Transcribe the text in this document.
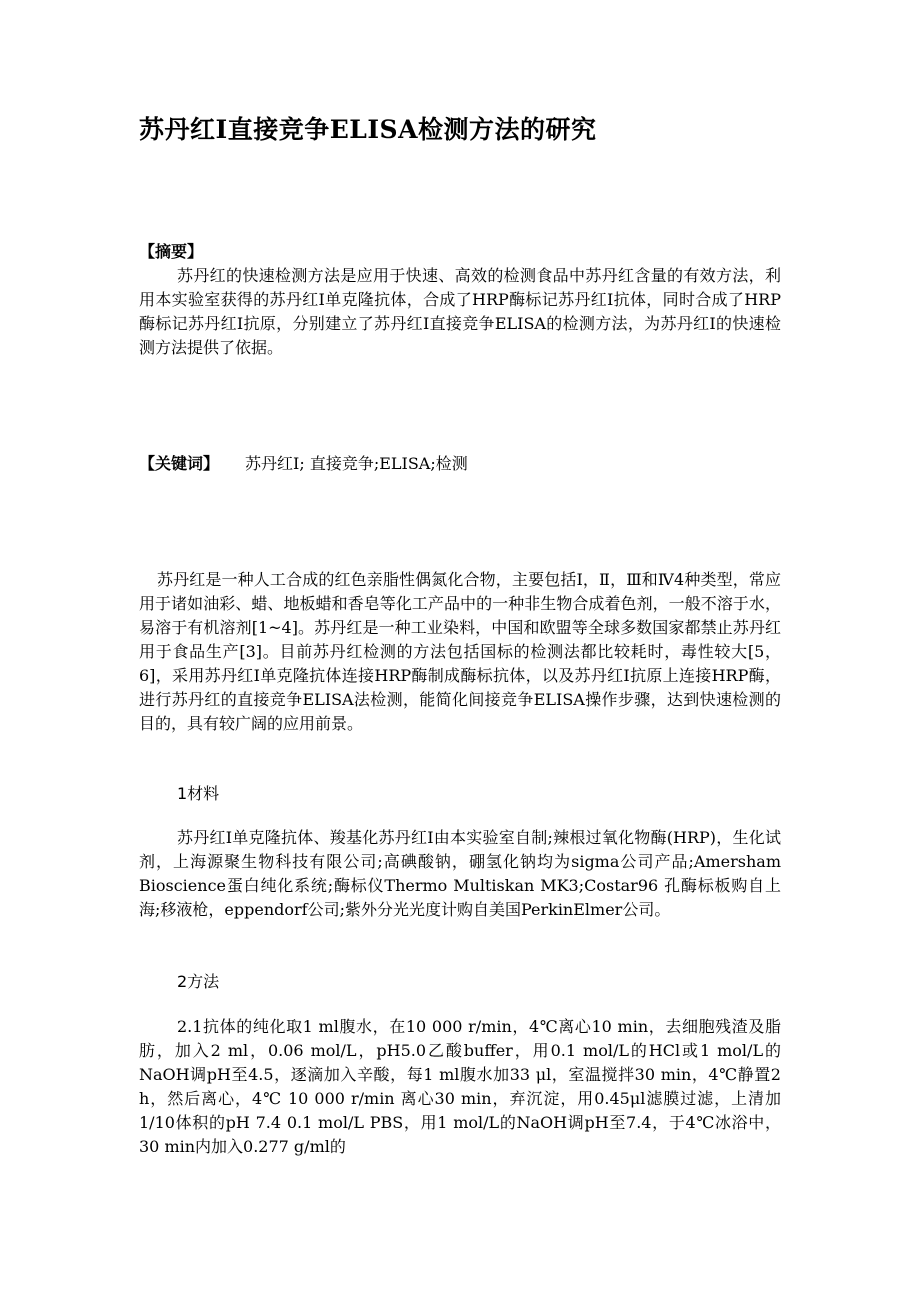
苏丹红Ⅰ直接竞争ELISA检测方法的研究
【摘要】

苏丹红的快速检测方法是应用于快速、高效的检测食品中苏丹红含量的有效方法，利用本实验室获得的苏丹红Ⅰ单克隆抗体，合成了HRP酶标记苏丹红Ⅰ抗体，同时合成了HRP酶标记苏丹红Ⅰ抗原，分别建立了苏丹红Ⅰ直接竞争ELISA的检测方法，为苏丹红Ⅰ的快速检测方法提供了依据。

【关键词】 苏丹红Ⅰ; 直接竞争;ELISA;检测

苏丹红是一种人工合成的红色亲脂性偶氮化合物，主要包括Ⅰ，Ⅱ，Ⅲ和Ⅳ4种类型，常应用于诸如油彩、蜡、地板蜡和香皂等化工产品中的一种非生物合成着色剂，一般不溶于水，易溶于有机溶剂[1~4]。苏丹红是一种工业染料，中国和欧盟等全球多数国家都禁止苏丹红用于食品生产[3]。目前苏丹红检测的方法包括国标的检测法都比较耗时，毒性较大[5，6]，采用苏丹红Ⅰ单克隆抗体连接HRP酶制成酶标抗体，以及苏丹红Ⅰ抗原上连接HRP酶，进行苏丹红的直接竞争ELISA法检测，能简化间接竞争ELISA操作步骤，达到快速检测的目的，具有较广阔的应用前景。

1材料

苏丹红Ⅰ单克隆抗体、羧基化苏丹红Ⅰ由本实验室自制;辣根过氧化物酶(HRP)，生化试剂，上海源聚生物科技有限公司;高碘酸钠，硼氢化钠均为sigma公司产品;Amersham Bioscience蛋白纯化系统;酶标仪Thermo Multiskan MK3;Costar96 孔酶标板购自上海;移液枪，eppendorf公司;紫外分光光度计购自美国PerkinElmer公司。

2方法

2.1抗体的纯化取1 ml腹水，在10 000 r/min，4℃离心10 min，去细胞残渣及脂肪，加入2 ml，0.06 mol/L，pH5.0乙酸buffer，用0.1 mol/L的HCl或1 mol/L的NaOH调pH至4.5，逐滴加入辛酸，每1 ml腹水加33 μl，室温搅拌30 min，4℃静置2 h，然后离心，4℃ 10 000 r/min 离心30 min，弃沉淀，用0.45μl滤膜过滤，上清加1/10体积的pH 7.4 0.1 mol/L PBS，用1 mol/L的NaOH调pH至7.4，于4℃冰浴中，30 min内加入0.277 g/ml的
